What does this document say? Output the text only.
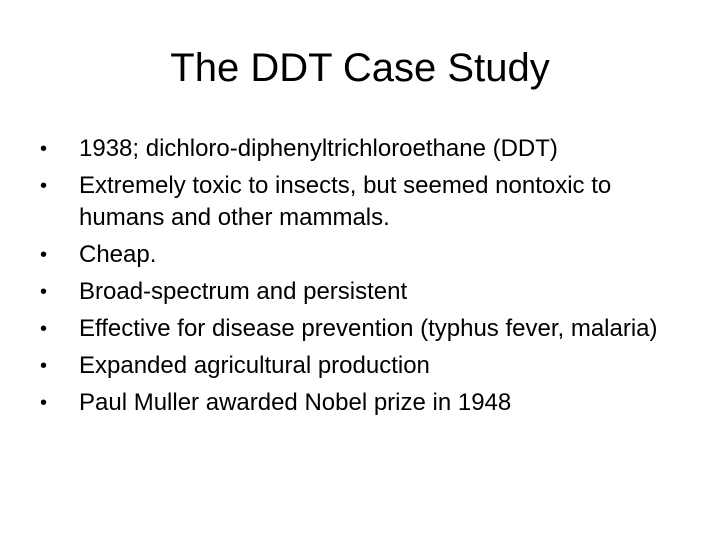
The DDT Case Study
•	1938; dichloro-diphenyltrichloroethane (DDT)
•	Extremely toxic to insects, but seemed nontoxic to humans and other mammals.
•	Cheap.
•	Broad-spectrum and persistent
•	Effective for disease prevention (typhus fever, malaria)
•	Expanded agricultural production
•	Paul Muller awarded Nobel prize in 1948
